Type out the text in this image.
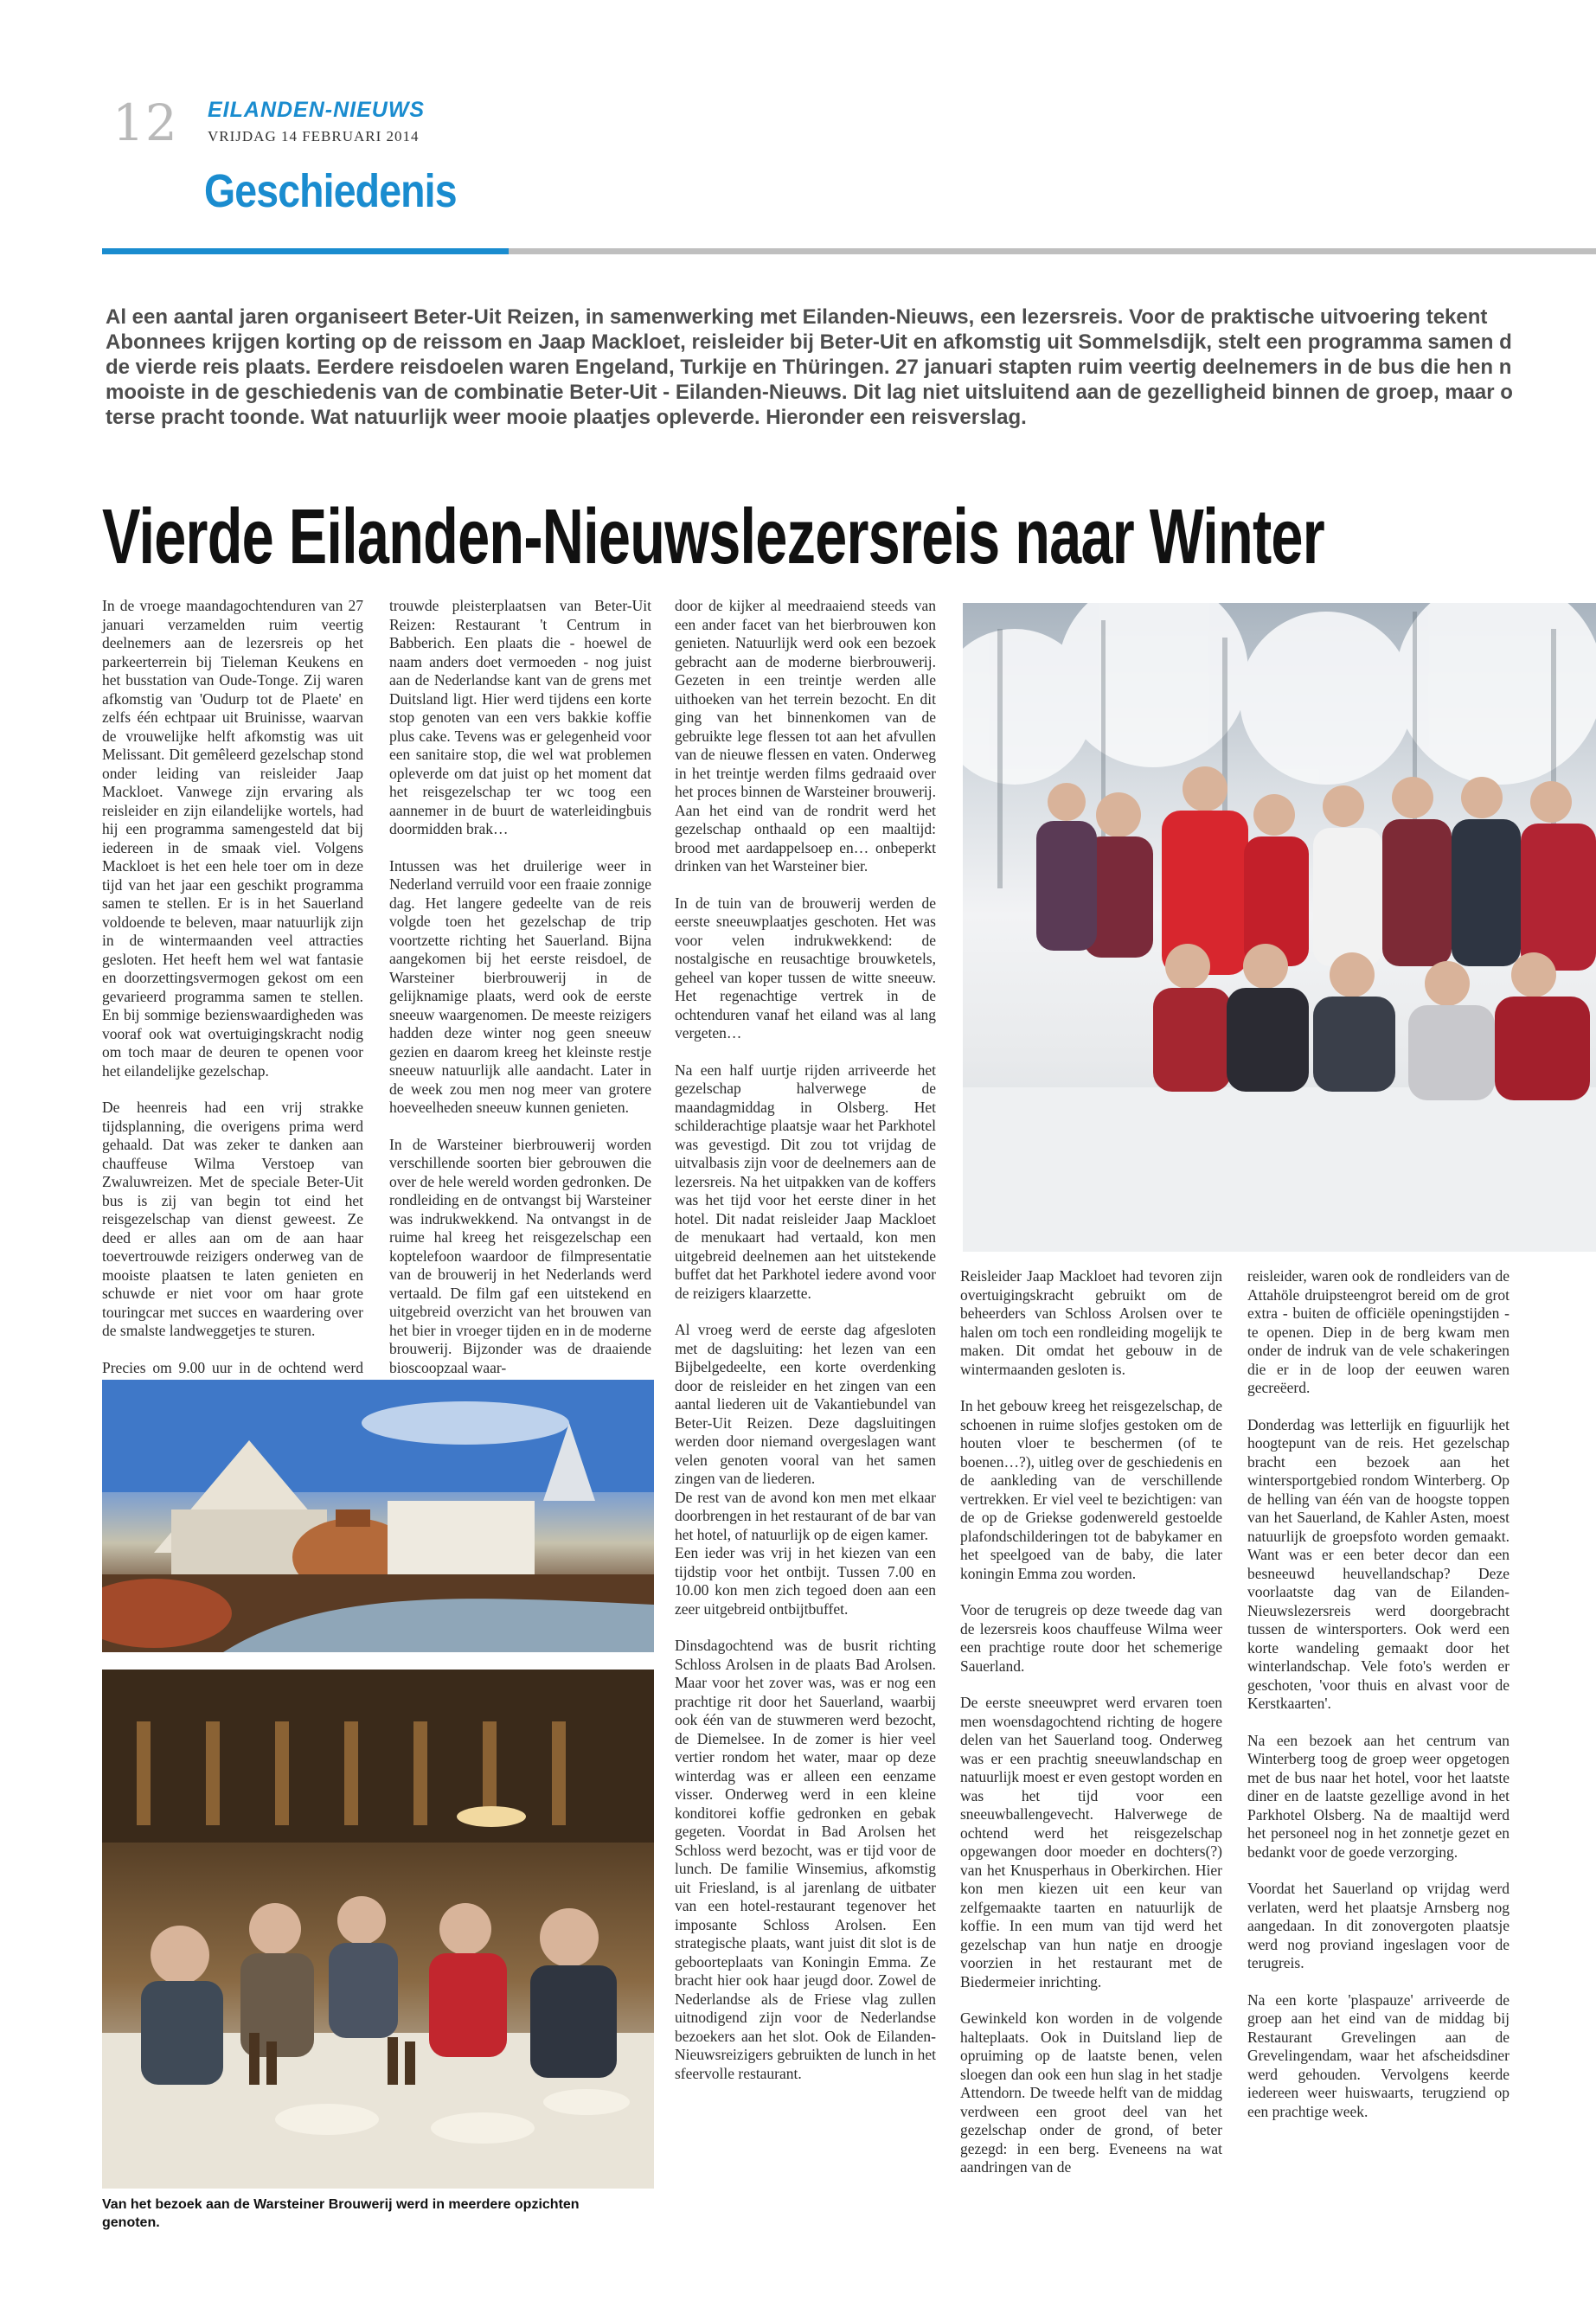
12 EILANDEN-NIEUWS
VRIJDAG 14 FEBRUARI 2014
Geschiedenis
Al een aantal jaren organiseert Beter-Uit Reizen, in samenwerking met Eilanden-Nieuws, een lezersreis. Voor de praktische uitvoering tekent
Abonnees krijgen korting op de reissom en Jaap Mackloet, reisleider bij Beter-Uit en afkomstig uit Sommelsdijk, stelt een programma samen d
de vierde reis plaats. Eerdere reisdoelen waren Engeland, Turkije en Thüringen. 27 januari stapten ruim veertig deelnemers in de bus die hen n
mooiste in de geschiedenis van de combinatie Beter-Uit - Eilanden-Nieuws. Dit lag niet uitsluitend aan de gezelligheid binnen de groep, maar o
terse pracht toonde. Wat natuurlijk weer mooie plaatjes opleverde. Hieronder een reisverslag.
Vierde Eilanden-Nieuwslezersreis naar Winter

In de vroege maandagochtenduren van 27 januari verzamelden ruim veertig deelnemers aan de lezersreis op het parkeerterrein bij Tieleman Keukens en het busstation van Oude-Tonge. Zij waren afkomstig van 'Oudurp tot de Plaete' en zelfs één echtpaar uit Bruinisse, waarvan de vrouwelijke helft afkomstig was uit Melissant. Dit gemêleerd gezelschap stond onder leiding van reisleider Jaap Mackloet. Vanwege zijn ervaring als reisleider en zijn eilandelijke wortels, had hij een programma samengesteld dat bij iedereen in de smaak viel. Volgens Mackloet is het een hele toer om in deze tijd van het jaar een geschikt programma samen te stellen. Er is in het Sauerland voldoende te beleven, maar natuurlijk zijn in de wintermaanden veel attracties gesloten. Het heeft hem wel wat fantasie en doorzettingsvermogen gekost om een gevarieerd programma samen te stellen. En bij sommige bezienswaardigheden was vooraf ook wat overtuigingskracht nodig om toch maar de deuren te openen voor het eilandelijke gezelschap.

De heenreis had een vrij strakke tijdsplanning, die overigens prima werd gehaald. Dat was zeker te danken aan chauffeuse Wilma Verstoep van Zwaluwreizen. Met de speciale Beter-Uit bus is zij van begin tot eind het reisgezelschap van dienst geweest. Ze deed er alles aan om de aan haar toevertrouwde reizigers onderweg van de mooiste plaatsen te laten genieten en schuwde er niet voor om haar grote touringcar met succes en waardering over de smalste landweggetjes te sturen.

Precies om 9.00 uur in de ochtend werd

trouwde pleisterplaatsen van Beter-Uit Reizen: Restaurant 't Centrum in Babberich. Een plaats die - hoewel de naam anders doet vermoeden - nog juist aan de Nederlandse kant van de grens met Duitsland ligt. Hier werd tijdens een korte stop genoten van een vers bakkie koffie plus cake. Tevens was er gelegenheid voor een sanitaire stop, die wel wat problemen opleverde om dat juist op het moment dat het reisgezelschap ter wc toog een aannemer in de buurt de waterleidingbuis doormidden brak…

Intussen was het druilerige weer in Nederland verruild voor een fraaie zonnige dag. Het langere gedeelte van de reis volgde toen het gezelschap de trip voortzette richting het Sauerland. Bijna aangekomen bij het eerste reisdoel, de Warsteiner bierbrouwerij in de gelijknamige plaats, werd ook de eerste sneeuw waargenomen. De meeste reizigers hadden deze winter nog geen sneeuw gezien en daarom kreeg het kleinste restje sneeuw natuurlijk alle aandacht. Later in de week zou men nog meer van grotere hoeveelheden sneeuw kunnen genieten.

In de Warsteiner bierbrouwerij worden verschillende soorten bier gebrouwen die over de hele wereld worden gedronken. De rondleiding en de ontvangst bij Warsteiner was indrukwekkend. Na ontvangst in de ruime hal kreeg het reisgezelschap een koptelefoon waardoor de filmpresentatie van de brouwerij in het Nederlands werd vertaald. De film gaf een uitstekend en uitgebreid overzicht van het brouwen van het bier in vroeger tijden en in de moderne brouwerij. Bijzonder was de draaiende bioscoopzaal waar-

door de kijker al meedraaiend steeds van een ander facet van het bierbrouwen kon genieten. Natuurlijk werd ook een bezoek gebracht aan de moderne bierbrouwerij. Gezeten in een treintje werden alle uithoeken van het terrein bezocht. En dit ging van het binnenkomen van de gebruikte lege flessen tot aan het afvullen van de nieuwe flessen en vaten. Onderweg in het treintje werden films gedraaid over het proces binnen de Warsteiner brouwerij. Aan het eind van de rondrit werd het gezelschap onthaald op een maaltijd: brood met aardappelsoep en… onbeperkt drinken van het Warsteiner bier.

In de tuin van de brouwerij werden de eerste sneeuwplaatjes geschoten. Het was voor velen indrukwekkend: de nostalgische en reusachtige brouwketels, geheel van koper tussen de witte sneeuw. Het regenachtige vertrek in de ochtenduren vanaf het eiland was al lang vergeten…

Na een half uurtje rijden arriveerde het gezelschap halverwege de maandagmiddag in Olsberg. Het schilderachtige plaatsje waar het Parkhotel was gevestigd. Dit zou tot vrijdag de uitvalbasis zijn voor de deelnemers aan de lezersreis. Na het uitpakken van de koffers was het tijd voor het eerste diner in het hotel. Dit nadat reisleider Jaap Mackloet de menukaart had vertaald, kon men uitgebreid deelnemen aan het uitstekende buffet dat het Parkhotel iedere avond voor de reizigers klaarzette.

Al vroeg werd de eerste dag afgesloten met de dagsluiting: het lezen van een Bijbelgedeelte, een korte overdenking door de reisleider en het zingen van een aantal liederen uit de Vakantiebundel van Beter-Uit Reizen. Deze dagsluitingen werden door niemand overgeslagen want velen genoten vooral van het samen zingen van de liederen.

De rest van de avond kon men met elkaar doorbrengen in het restaurant of de bar van het hotel, of natuurlijk op de eigen kamer.

Een ieder was vrij in het kiezen van een tijdstip voor het ontbijt. Tussen 7.00 en 10.00 kon men zich tegoed doen aan een zeer uitgebreid ontbijtbuffet.

Dinsdagochtend was de busrit richting Schloss Arolsen in de plaats Bad Arolsen. Maar voor het zover was, was er nog een prachtige rit door het Sauerland, waarbij ook één van de stuwmeren werd bezocht, de Diemelsee. In de zomer is hier veel vertier rondom het water, maar op deze winterdag was er alleen een eenzame visser. Onderweg werd in een kleine konditorei koffie gedronken en gebak gegeten. Voordat in Bad Arolsen het Schloss werd bezocht, was er tijd voor de lunch. De familie Winsemius, afkomstig uit Friesland, is al jarenlang de uitbater van een hotel-restaurant tegenover het imposante Schloss Arolsen. Een strategische plaats, want juist dit slot is de geboorteplaats van Koningin Emma. Ze bracht hier ook haar jeugd door. Zowel de Nederlandse als de Friese vlag zullen uitnodigend zijn voor de Nederlandse bezoekers aan het slot. Ook de Eilanden-Nieuwsreizigers gebruikten de lunch in het sfeervolle restaurant.

Reisleider Jaap Mackloet had tevoren zijn overtuigingskracht gebruikt om de beheerders van Schloss Arolsen over te halen om toch een rondleiding mogelijk te maken. Dit omdat het gebouw in de wintermaanden gesloten is.

In het gebouw kreeg het reisgezelschap, de schoenen in ruime slofjes gestoken om de houten vloer te beschermen (of te boenen…?), uitleg over de geschiedenis en de aankleding van de verschillende vertrekken. Er viel veel te bezichtigen: van de op de Griekse godenwereld gestoelde plafondschilderingen tot de babykamer en het speelgoed van de baby, die later koningin Emma zou worden.

Voor de terugreis op deze tweede dag van de lezersreis koos chauffeuse Wilma weer een prachtige route door het schemerige Sauerland.

De eerste sneeuwpret werd ervaren toen men woensdagochtend richting de hogere delen van het Sauerland toog. Onderweg was er een prachtig sneeuwlandschap en natuurlijk moest er even gestopt worden en was het tijd voor een sneeuwballengevecht. Halverwege de ochtend werd het reisgezelschap opgewangen door moeder en dochters(?) van het Knusperhaus in Oberkirchen. Hier kon men kiezen uit een keur van zelfgemaakte taarten en natuurlijk de koffie. In een mum van tijd werd het gezelschap van hun natje en droogje voorzien in het restaurant met de Biedermeier inrichting.

Gewinkeld kon worden in de volgende halteplaats. Ook in Duitsland liep de opruiming op de laatste benen, velen sloegen dan ook een hun slag in het stadje Attendorn. De tweede helft van de middag verdween een groot deel van het gezelschap onder de grond, of beter gezegd: in een berg. Eveneens na wat aandringen van de

reisleider, waren ook de rondleiders van de Attahöle druipsteengrot bereid om de grot extra - buiten de officiële openingstijden - te openen. Diep in de berg kwam men onder de indruk van de vele schakeringen die er in de loop der eeuwen waren gecreëerd.

Donderdag was letterlijk en figuurlijk het hoogtepunt van de reis. Het gezelschap bracht een bezoek aan het wintersportgebied rondom Winterberg. Op de helling van één van de hoogste toppen van het Sauerland, de Kahler Asten, moest natuurlijk de groepsfoto worden gemaakt. Want was er een beter decor dan een besneeuwd heuvellandschap? Deze voorlaatste dag van de Eilanden-Nieuwslezersreis werd doorgebracht tussen de wintersporters. Ook werd een korte wandeling gemaakt door het winterlandschap. Vele foto's werden er geschoten, 'voor thuis en alvast voor de Kerstkaarten'.

Na een bezoek aan het centrum van Winterberg toog de groep weer opgetogen met de bus naar het hotel, voor het laatste diner en de laatste gezellige avond in het Parkhotel Olsberg. Na de maaltijd werd het personeel nog in het zonnetje gezet en bedankt voor de goede verzorging.

Voordat het Sauerland op vrijdag werd verlaten, werd het plaatsje Arnsberg nog aangedaan. In dit zonovergoten plaatsje werd nog proviand ingeslagen voor de terugreis.

Na een korte 'plaspauze' arriveerde de groep aan het eind van de middag bij Restaurant Grevelingen aan de Grevelingendam, waar het afscheidsdiner werd gehouden. Vervolgens keerde iedereen weer huiswaarts, terugziend op een prachtige week.

Van het bezoek aan de Warsteiner Brouwerij werd in meerdere opzichten genoten.
